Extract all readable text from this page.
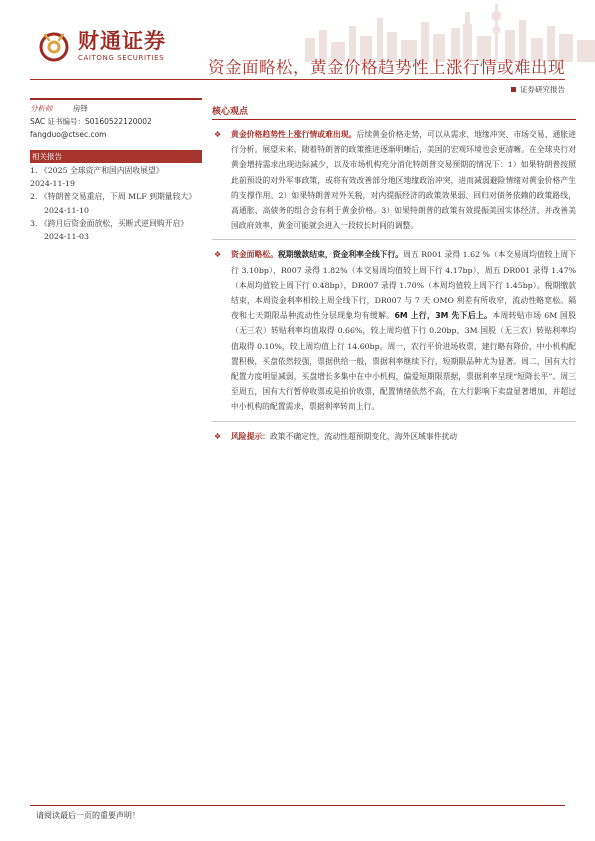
财通证券
CAITONG SECURITIES	资金面略松，黄金价格趋势性上涨行情或难出现
证券研究报告
分析师	房铎
SAC 证书编号：S0160522120002
fangduo@ctsec.com
相关报告
1. 《2025 全球资产和国内固收展望》
2024-11-19
2. 《特朗普交易重启，下周 MLF 到期量较大》2024-11-10
3. 《跨月后资金面放松，买断式逆回购开启》2024-11-03
核心观点
❖ 黄金价格趋势性上涨行情或难出现。后续黄金价格走势，可以从需求、地缘冲突、市场交易、通胀进行分析。展望未来，随着特朗普的政策推进逐渐明晰后，美国的宏观环境也会更清晰。在全球央行对黄金增持需求出现边际减少，以及市场机构充分消化特朗普交易预期的情况下：1）如果特朗普按照此前预设的对外军事政策，或将有效改善部分地区地缘政治冲突，进而减弱避险情绪对黄金价格产生的支撑作用。2）如果特朗普对外关税，对内提振经济的政策效果弱、回归对债务依赖的政策路线，高通胀、高债务的组合会有利于黄金价格。3）如果特朗普的政策有效提振美国实体经济、并改善美国政府效率，黄金可能就会进入一段较长时间的调整。
❖ 资金面略松。税期缴款结束，资金利率全线下行。周五 R001 录得 1.62 %（本交易周均值较上周下行 3.10bp），R007 录得 1.82%（本交易周均值较上周下行 4.17bp），周五 DR001 录得 1.47%（本周均值较上周下行 0.48bp），DR007 录得 1.70%（本周均值较上周下行 1.45bp）。税期缴款结束，本周资金利率相较上周全线下行，DR007 与 7 天 OMO 利差有所收窄，流动性略宽松。隔夜和七天期限品种流动性分层现象均有缓解。6M 上行，3M 先下后上。本周转贴市场 6M 国股（无三农）转贴利率均值取得 0.66%，较上周均值下行 0.20bp，3M 国股（无三农）转贴利率均值取得 0.10%，较上周均值上行 14.60bp。周一，农行平价进场收票，建行略有降价，中小机构配置积极，买盘依然较强，票据供给一般，票据利率继续下行，短期限品种尤为显著。周二，国有大行配置力度明显减弱，买盘增长多集中在中小机构，偏爱短期限票据，票据利率呈现“短降长平”。周三至周五，国有大行暂停收票或是拍价收票，配置情绪依然不高，在大行影响下卖盘显著增加，并超过中小机构的配置需求，票据利率转而上行。
❖ 风险提示：政策不确定性，流动性超预期变化，海外区域事件扰动
请阅读最后一页的重要声明！
